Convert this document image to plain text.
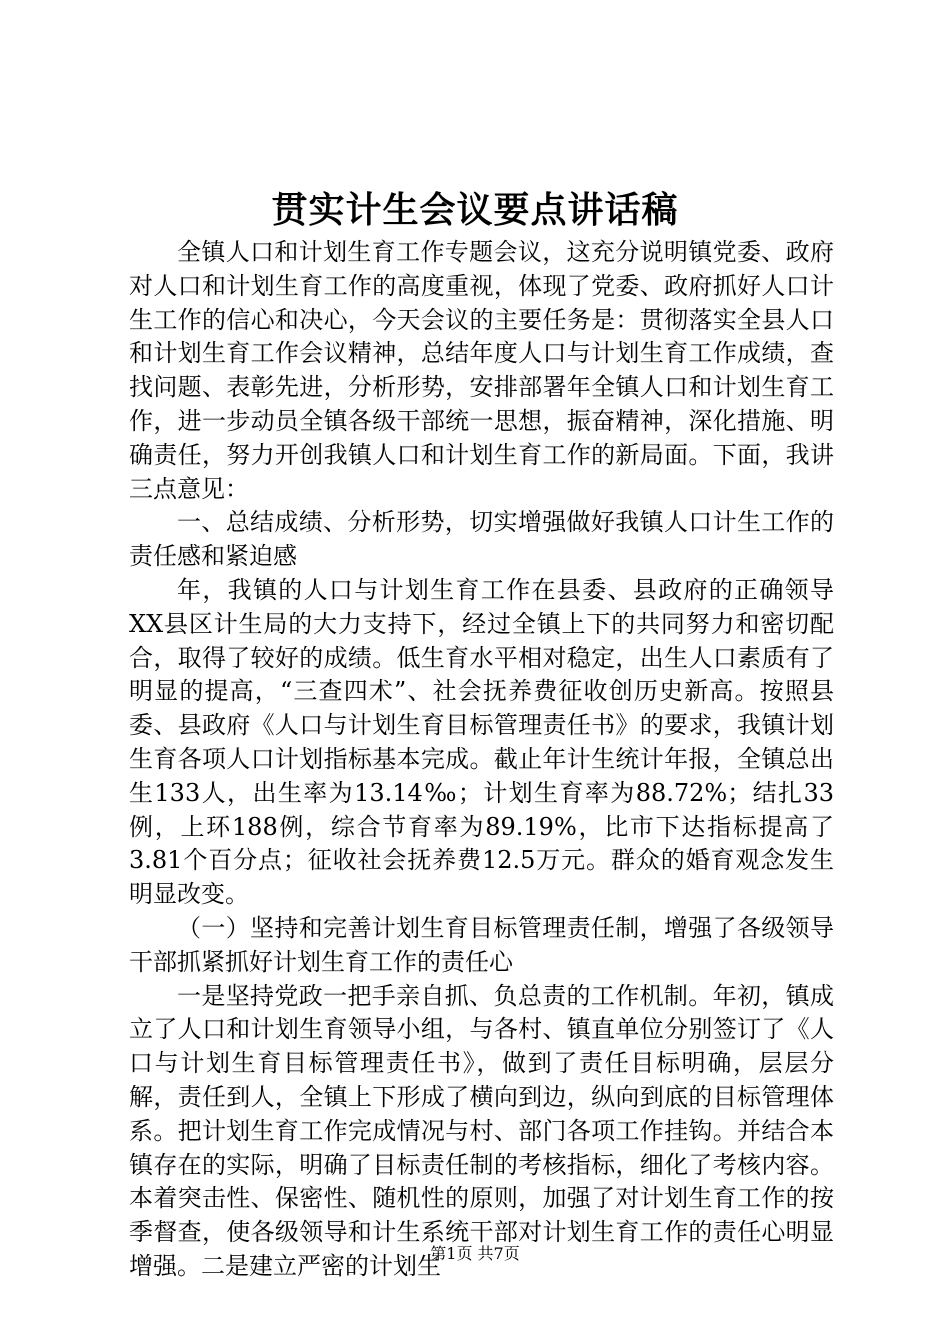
贯实计生会议要点讲话稿

全镇人口和计划生育工作专题会议，这充分说明镇党委、政府对人口和计划生育工作的高度重视，体现了党委、政府抓好人口计生工作的信心和决心，今天会议的主要任务是：贯彻落实全县人口和计划生育工作会议精神，总结年度人口与计划生育工作成绩，查找问题、表彰先进，分析形势，安排部署年全镇人口和计划生育工作，进一步动员全镇各级干部统一思想，振奋精神，深化措施、明确责任，努力开创我镇人口和计划生育工作的新局面。下面，我讲三点意见：

一、总结成绩、分析形势，切实增强做好我镇人口计生工作的责任感和紧迫感

年，我镇的人口与计划生育工作在县委、县政府的正确领导XX县区计生局的大力支持下，经过全镇上下的共同努力和密切配合，取得了较好的成绩。低生育水平相对稳定，出生人口素质有了明显的提高，“三查四术”、社会抚养费征收创历史新高。按照县委、县政府《人口与计划生育目标管理责任书》的要求，我镇计划生育各项人口计划指标基本完成。截止年计生统计年报，全镇总出生133人，出生率为13.14‰；计划生育率为88.72%；结扎33例，上环188例，综合节育率为89.19%，比市下达指标提高了3.81个百分点；征收社会抚养费12.5万元。群众的婚育观念发生明显改变。

（一）坚持和完善计划生育目标管理责任制，增强了各级领导干部抓紧抓好计划生育工作的责任心

一是坚持党政一把手亲自抓、负总责的工作机制。年初，镇成立了人口和计划生育领导小组，与各村、镇直单位分别签订了《人口与计划生育目标管理责任书》，做到了责任目标明确，层层分解，责任到人，全镇上下形成了横向到边，纵向到底的目标管理体系。把计划生育工作完成情况与村、部门各项工作挂钩。并结合本镇存在的实际，明确了目标责任制的考核指标，细化了考核内容。本着突击性、保密性、随机性的原则，加强了对计划生育工作的按季督查，使各级领导和计生系统干部对计划生育工作的责任心明显增强。二是建立严密的计划生

第1页 共7页
